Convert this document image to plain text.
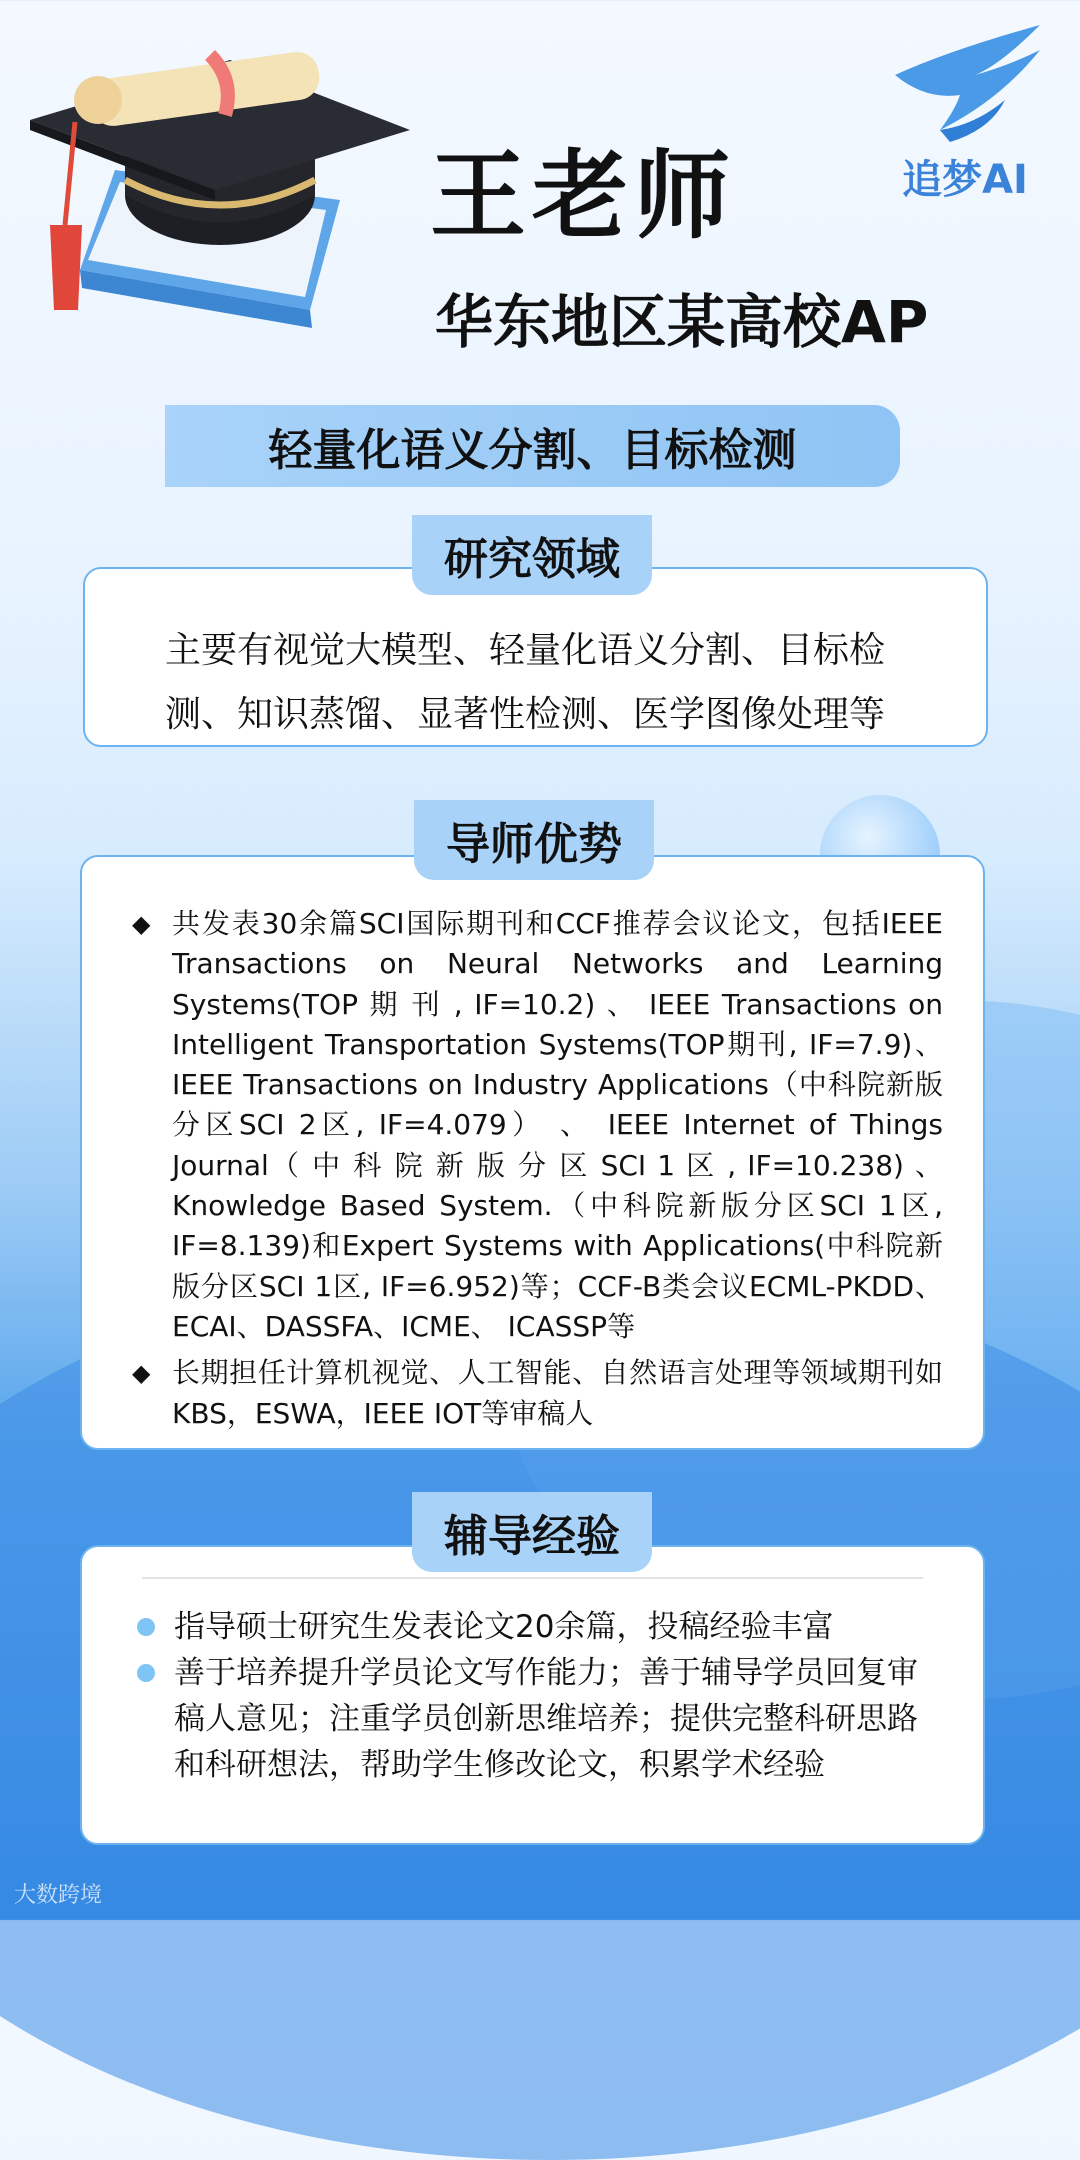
追梦AI
王老师
华东地区某高校AP
轻量化语义分割、目标检测
主要有视觉大模型、轻量化语义分割、目标检测、知识蒸馏、显著性检测、医学图像处理等
研究领域
◆ 共发表30余篇SCI国际期刊和CCF推荐会议论文，包括IEEE Transactions on Neural Networks and Learning Systems(TOP 期 刊 , IF=10.2) 、 IEEE Transactions on Intelligent Transportation Systems(TOP期刊, IF=7.9)、IEEE Transactions on Industry Applications（中科院新版分区SCI 2区, IF=4.079） 、 IEEE Internet of Things Journal（ 中 科 院 新 版 分 区 SCI 1 区 , IF=10.238) 、Knowledge Based System.（中科院新版分区SCI 1区, IF=8.139)和Expert Systems with Applications(中科院新版分区SCI 1区, IF=6.952)等；CCF-B类会议ECML-PKDD、ECAI、DASSFA、ICME、 ICASSP等
◆ 长期担任计算机视觉、人工智能、自然语言处理等领域期刊如KBS，ESWA，IEEE IOT等审稿人
导师优势
指导硕士研究生发表论文20余篇，投稿经验丰富
善于培养提升学员论文写作能力；善于辅导学员回复审稿人意见；注重学员创新思维培养；提供完整科研思路和科研想法，帮助学生修改论文，积累学术经验
辅导经验
大数跨境
